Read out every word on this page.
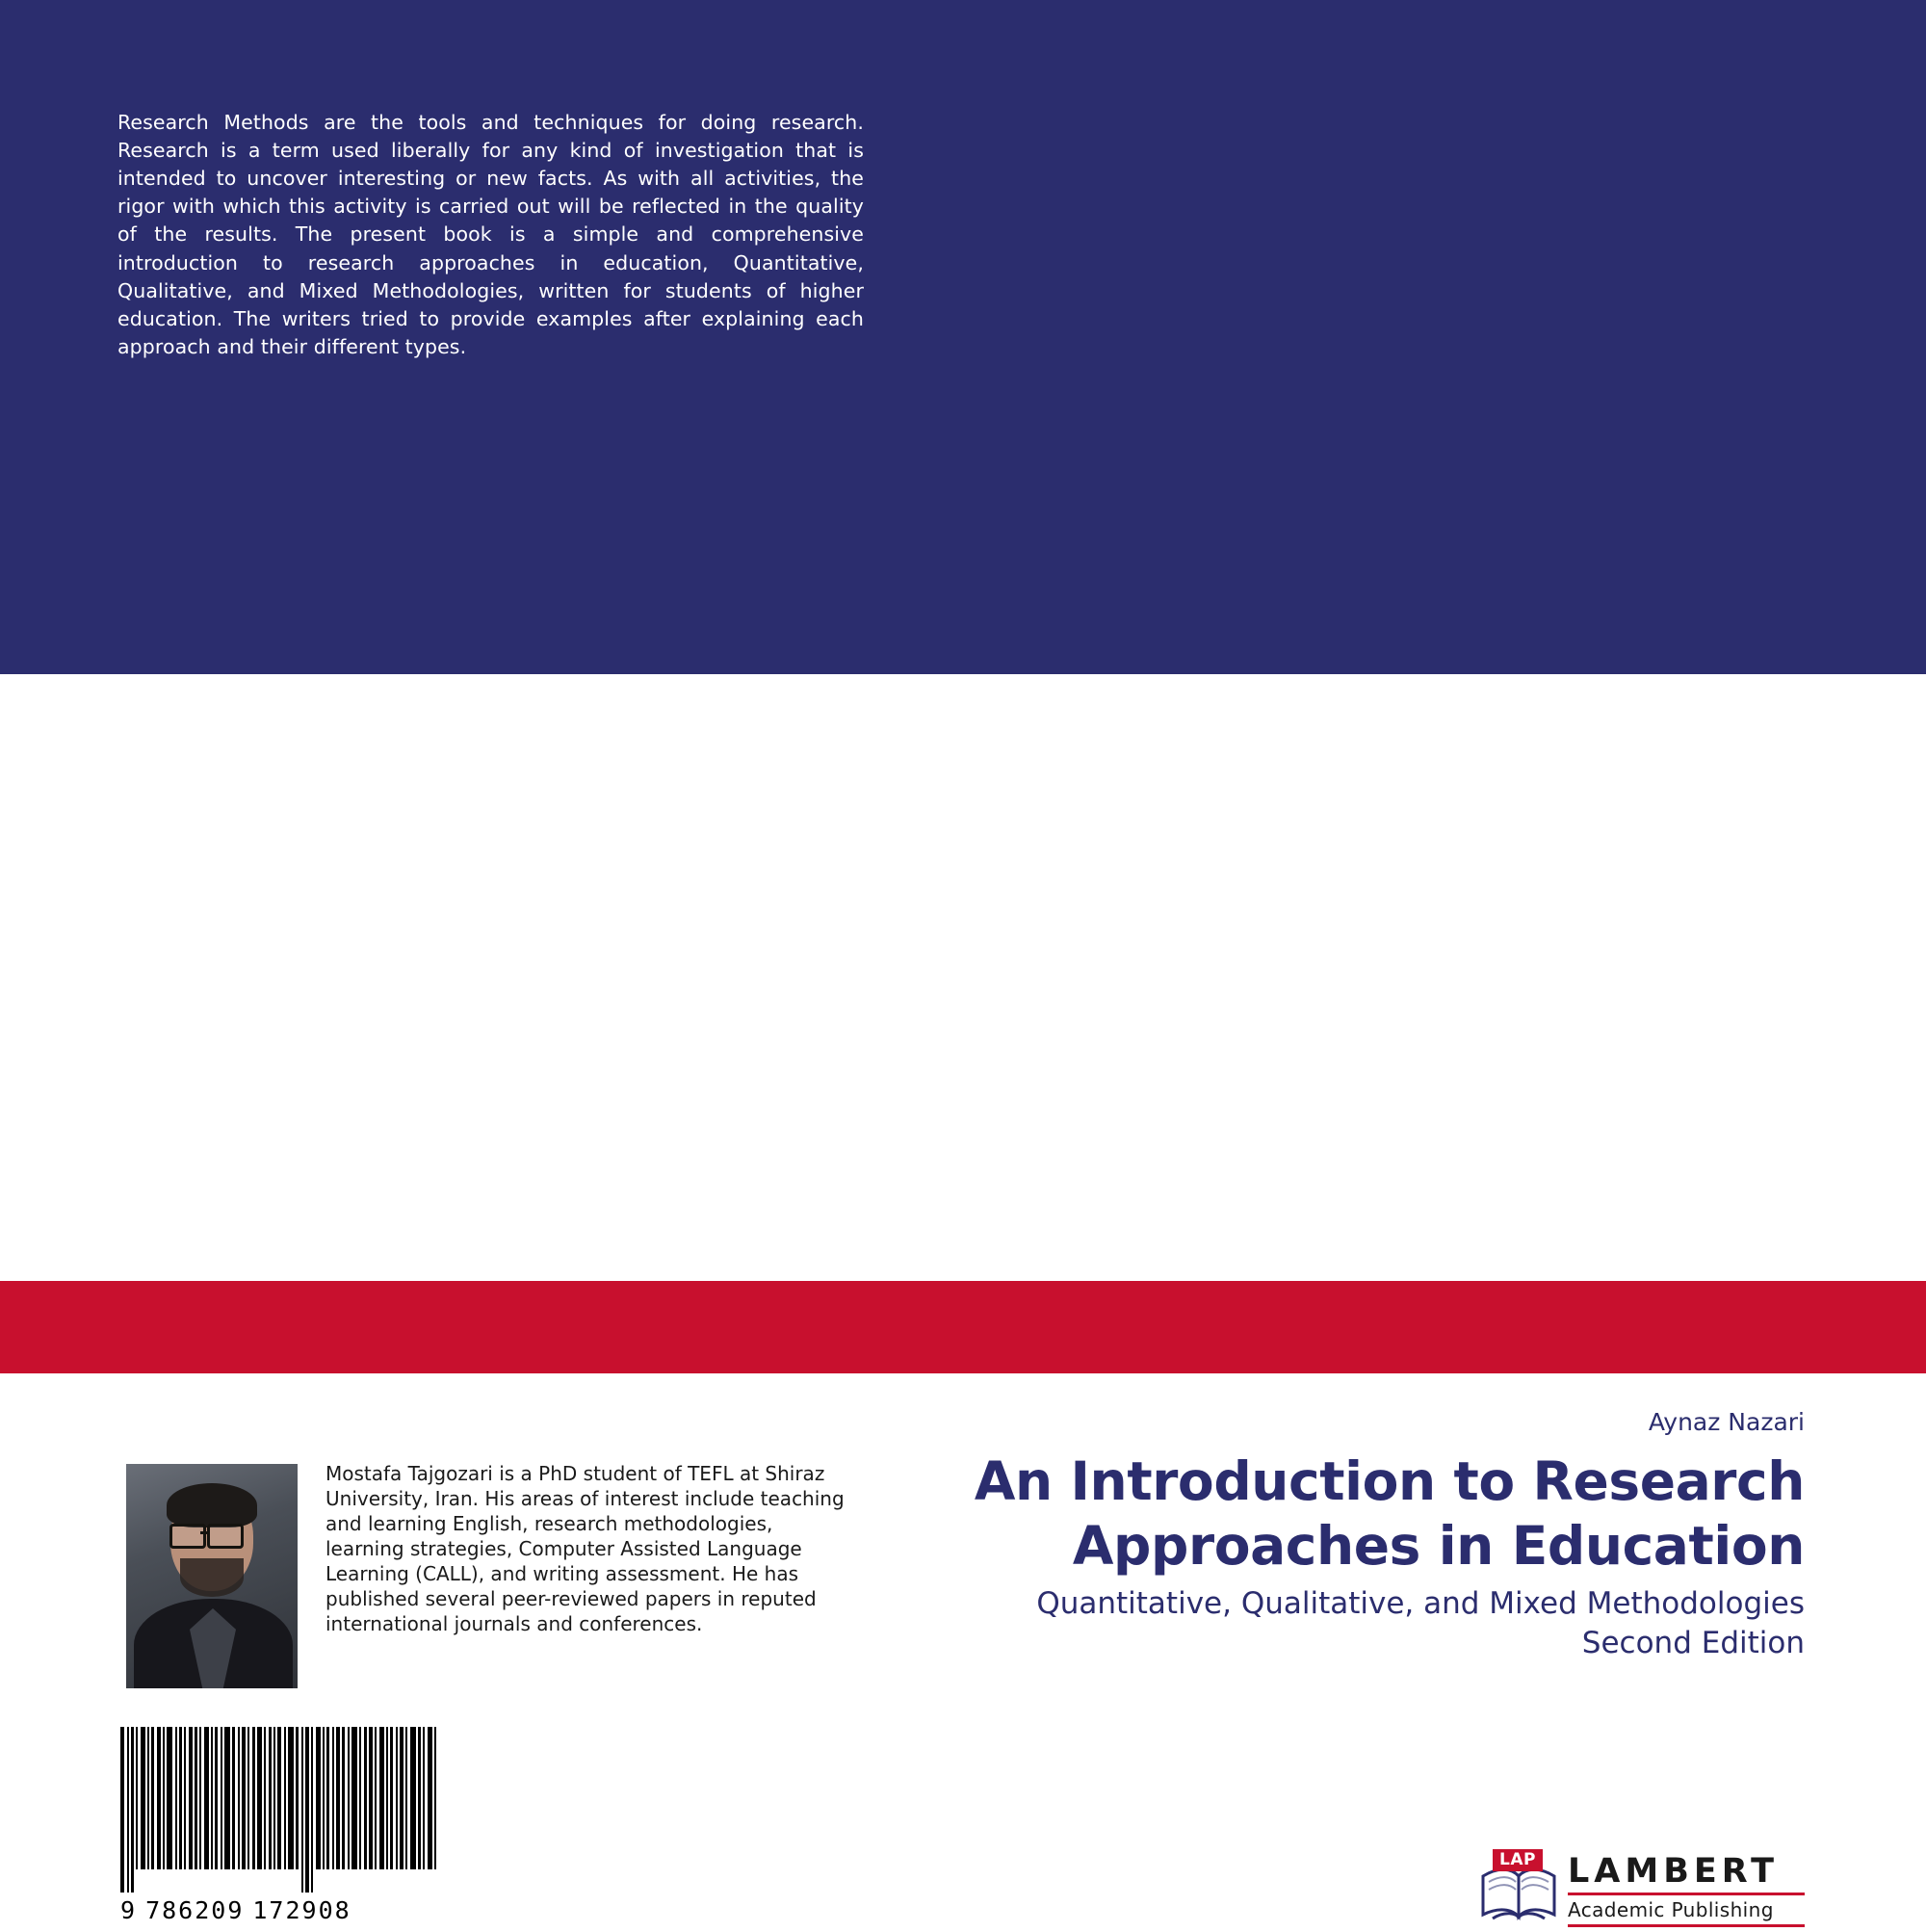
Research Methods are the tools and techniques for doing research. Research is a term used liberally for any kind of investigation that is intended to uncover interesting or new facts. As with all activities, the rigor with which this activity is carried out will be reflected in the quality of the results. The present book is a simple and comprehensive introduction to research approaches in education, Quantitative, Qualitative, and Mixed Methodologies, written for students of higher education. The writers tried to provide examples after explaining each approach and their different types.
Mostafa Tajgozari is a PhD student of TEFL at Shiraz University, Iran. His areas of interest include teaching and learning English, research methodologies, learning strategies, Computer Assisted Language Learning (CALL), and writing assessment. He has published several peer-reviewed papers in reputed international journals and conferences.
9 786209 172908
Aynaz Nazari
An Introduction to Research Approaches in Education
Quantitative, Qualitative, and Mixed Methodologies
Second Edition
LAP LAMBERT
Academic Publishing
